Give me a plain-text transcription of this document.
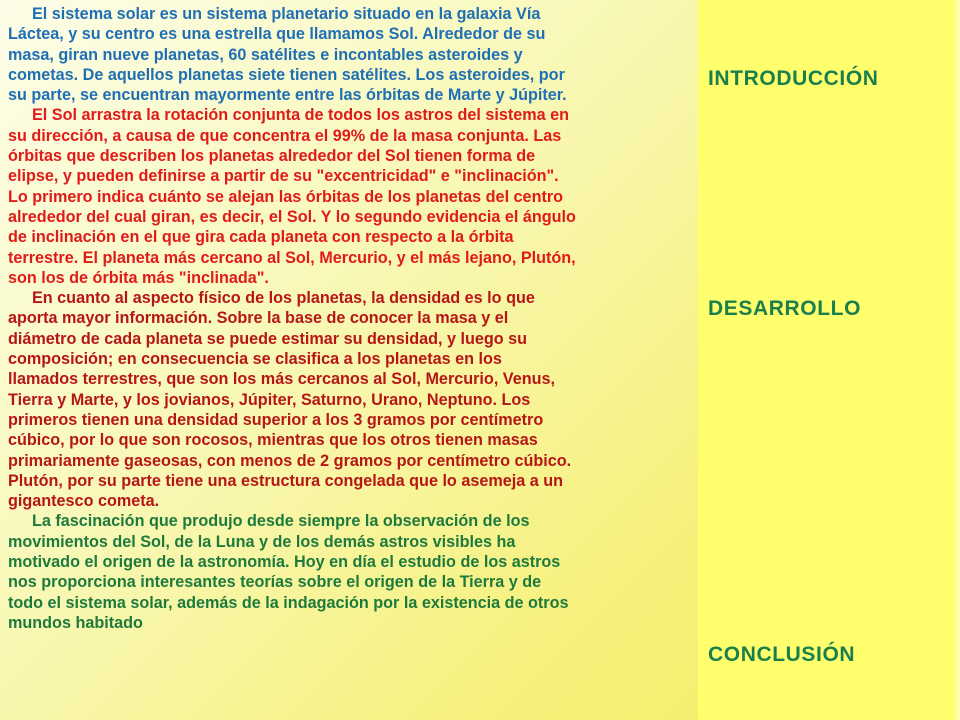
El sistema solar es un sistema planetario situado en la galaxia Vía
Láctea, y su centro es una estrella que llamamos Sol. Alrededor de su
masa, giran nueve planetas, 60 satélites e incontables asteroides y
cometas. De aquellos planetas siete tienen satélites. Los asteroides, por
su parte, se encuentran mayormente entre las órbitas de Marte y Júpiter.

El Sol arrastra la rotación conjunta de todos los astros del sistema en
su dirección, a causa de que concentra el 99% de la masa conjunta. Las
órbitas que describen los planetas alrededor del Sol tienen forma de
elipse, y pueden definirse a partir de su "excentricidad" e "inclinación".
Lo primero indica cuánto se alejan las órbitas de los planetas del centro
alrededor del cual giran, es decir, el Sol. Y lo segundo evidencia el ángulo
de inclinación en el que gira cada planeta con respecto a la órbita
terrestre. El planeta más cercano al Sol, Mercurio, y el más lejano, Plutón,
son los de órbita más "inclinada".

En cuanto al aspecto físico de los planetas, la densidad es lo que
aporta mayor información. Sobre la base de conocer la masa y el
diámetro de cada planeta se puede estimar su densidad, y luego su
composición; en consecuencia se clasifica a los planetas en los
llamados terrestres, que son los más cercanos al Sol, Mercurio, Venus,
Tierra y Marte, y los jovianos, Júpiter, Saturno, Urano, Neptuno. Los
primeros tienen una densidad superior a los 3 gramos por centímetro
cúbico, por lo que son rocosos, mientras que los otros tienen masas
primariamente gaseosas, con menos de 2 gramos por centímetro cúbico.
Plutón, por su parte tiene una estructura congelada que lo asemeja a un
gigantesco cometa.

La fascinación que produjo desde siempre la observación de los
movimientos del Sol, de la Luna y de los demás astros visibles ha
motivado el origen de la astronomía. Hoy en día el estudio de los astros
nos proporciona interesantes teorías sobre el origen de la Tierra y de
todo el sistema solar, además de la indagación por la existencia de otros
mundos habitado

INTRODUCCIÓN
DESARROLLO
CONCLUSIÓN
